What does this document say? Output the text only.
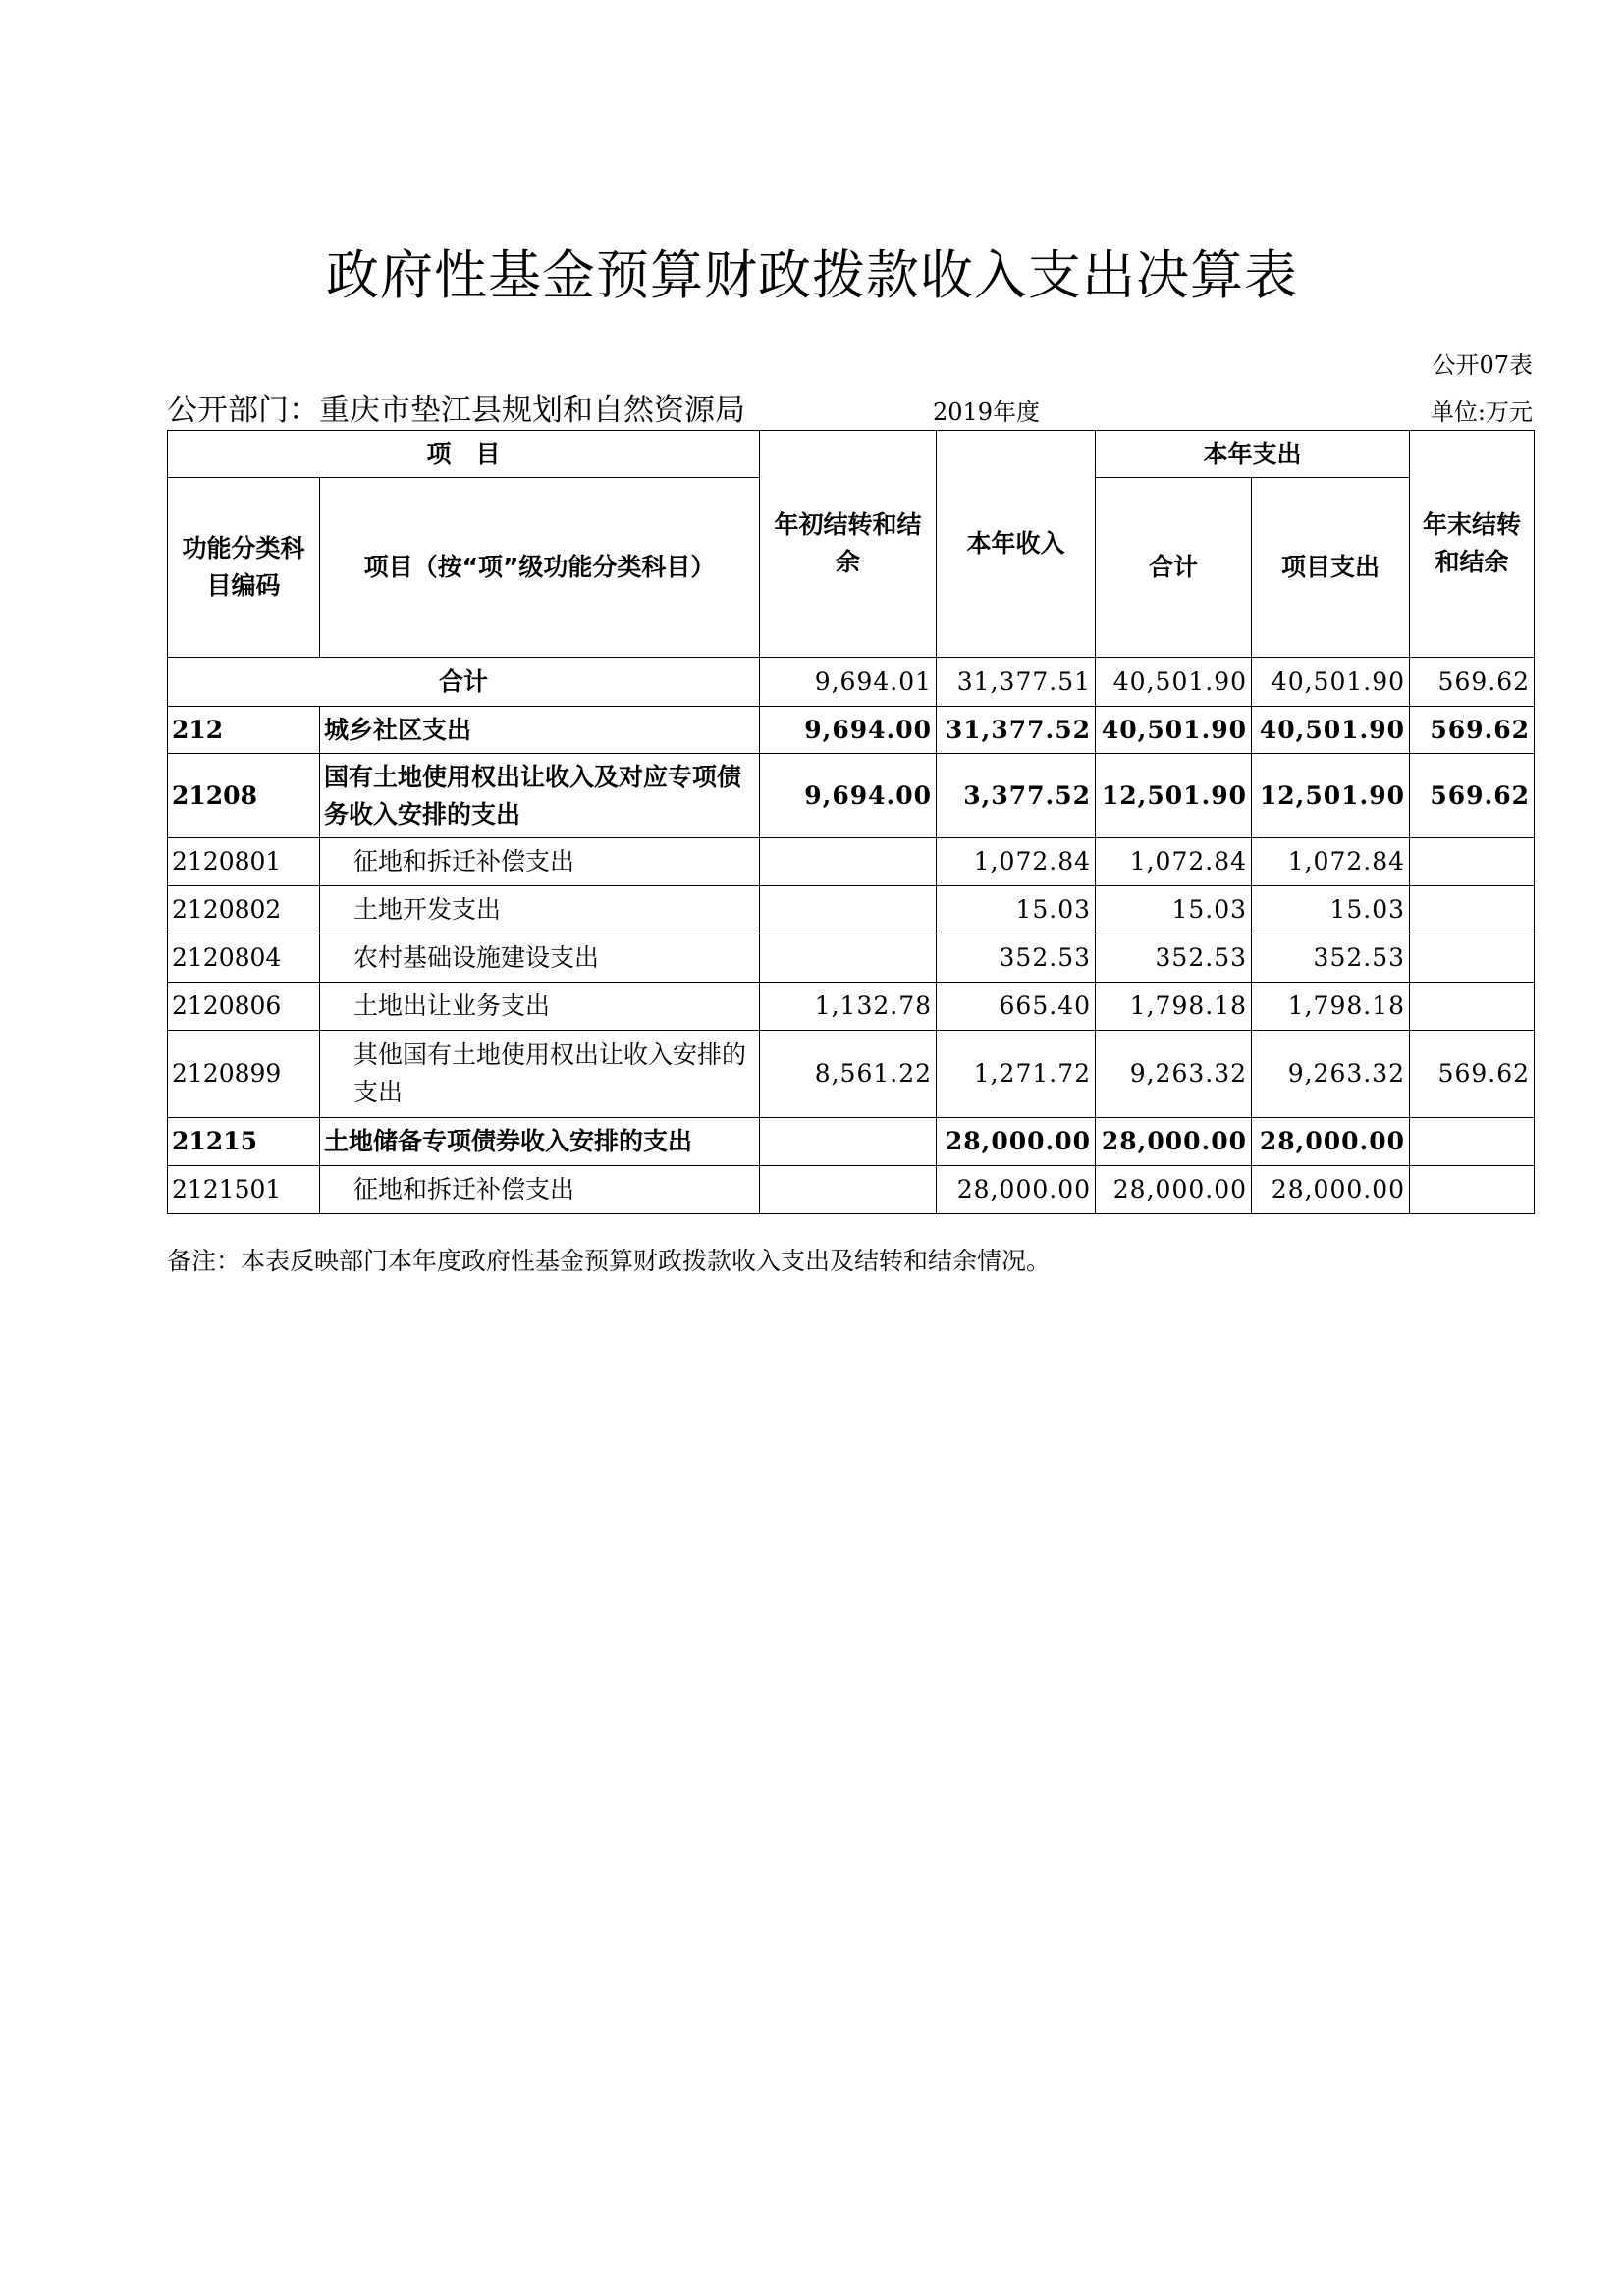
政府性基金预算财政拨款收入支出决算表
公开07表
公开部门：重庆市垫江县规划和自然资源局	2019年度	单位:万元
项　目		年初结转和结余	本年收入	本年支出		年末结转和结余
功能分类科目编码	项目（按“项”级功能分类科目）			合计	项目支出	
合计		9,694.01	31,377.51	40,501.90	40,501.90	569.62
212	城乡社区支出	9,694.00	31,377.52	40,501.90	40,501.90	569.62
21208	国有土地使用权出让收入及对应专项债务收入安排的支出	9,694.00	3,377.52	12,501.90	12,501.90	569.62
2120801	征地和拆迁补偿支出		1,072.84	1,072.84	1,072.84	
2120802	土地开发支出		15.03	15.03	15.03	
2120804	农村基础设施建设支出		352.53	352.53	352.53	
2120806	土地出让业务支出	1,132.78	665.40	1,798.18	1,798.18	
2120899	其他国有土地使用权出让收入安排的支出	8,561.22	1,271.72	9,263.32	9,263.32	569.62
21215	土地储备专项债券收入安排的支出		28,000.00	28,000.00	28,000.00	
2121501	征地和拆迁补偿支出		28,000.00	28,000.00	28,000.00	
备注：本表反映部门本年度政府性基金预算财政拨款收入支出及结转和结余情况。
